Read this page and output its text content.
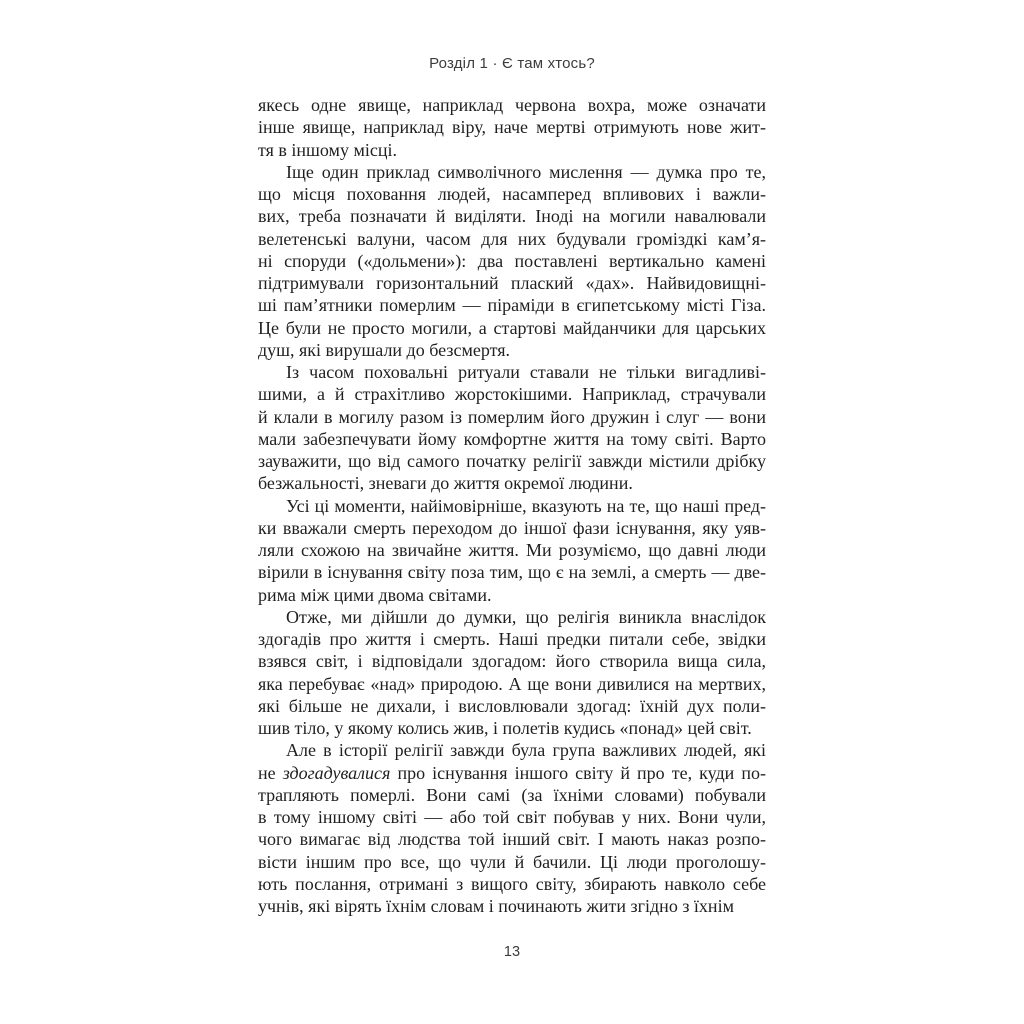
Розділ 1 · Є там хтось?
якесь одне явище, наприклад червона вохра, може означати
інше явище, наприклад віру, наче мертві отримують нове жит-
тя в іншому місці.
Іще один приклад символічного мислення — думка про те,
що місця поховання людей, насамперед впливових і важли-
вих, треба позначати й виділяти. Іноді на могили навалювали
велетенські валуни, часом для них будували громіздкі кам’я-
ні споруди («дольмени»): два поставлені вертикально камені
підтримували горизонтальний плаский «дах». Найвидовищні-
ші пам’ятники померлим — піраміди в єгипетському місті Гіза.
Це були не просто могили, а стартові майданчики для царських
душ, які вирушали до безсмертя.
Із часом поховальні ритуали ставали не тільки вигадливі-
шими, а й страхітливо жорстокішими. Наприклад, страчували
й клали в могилу разом із померлим його дружин і слуг — вони
мали забезпечувати йому комфортне життя на тому світі. Варто
зауважити, що від самого початку релігії завжди містили дрібку
безжальності, зневаги до життя окремої людини.
Усі ці моменти, найімовірніше, вказують на те, що наші пред-
ки вважали смерть переходом до іншої фази існування, яку уяв-
ляли схожою на звичайне життя. Ми розуміємо, що давні люди
вірили в існування світу поза тим, що є на землі, а смерть — две-
рима між цими двома світами.
Отже, ми дійшли до думки, що релігія виникла внаслідок
здогадів про життя і смерть. Наші предки питали себе, звідки
взявся світ, і відповідали здогадом: його створила вища сила,
яка перебуває «над» природою. А ще вони дивилися на мертвих,
які більше не дихали, і висловлювали здогад: їхній дух поли-
шив тіло, у якому колись жив, і полетів кудись «понад» цей світ.
Але в історії релігії завжди була група важливих людей, які
не здогадувалися про існування іншого світу й про те, куди по-
трапляють померлі. Вони самі (за їхніми словами) побували
в тому іншому світі — або той світ побував у них. Вони чули,
чого вимагає від людства той інший світ. І мають наказ розпо-
вісти іншим про все, що чули й бачили. Ці люди проголошу-
ють послання, отримані з вищого світу, збирають навколо себе
учнів, які вірять їхнім словам і починають жити згідно з їхнім
13
